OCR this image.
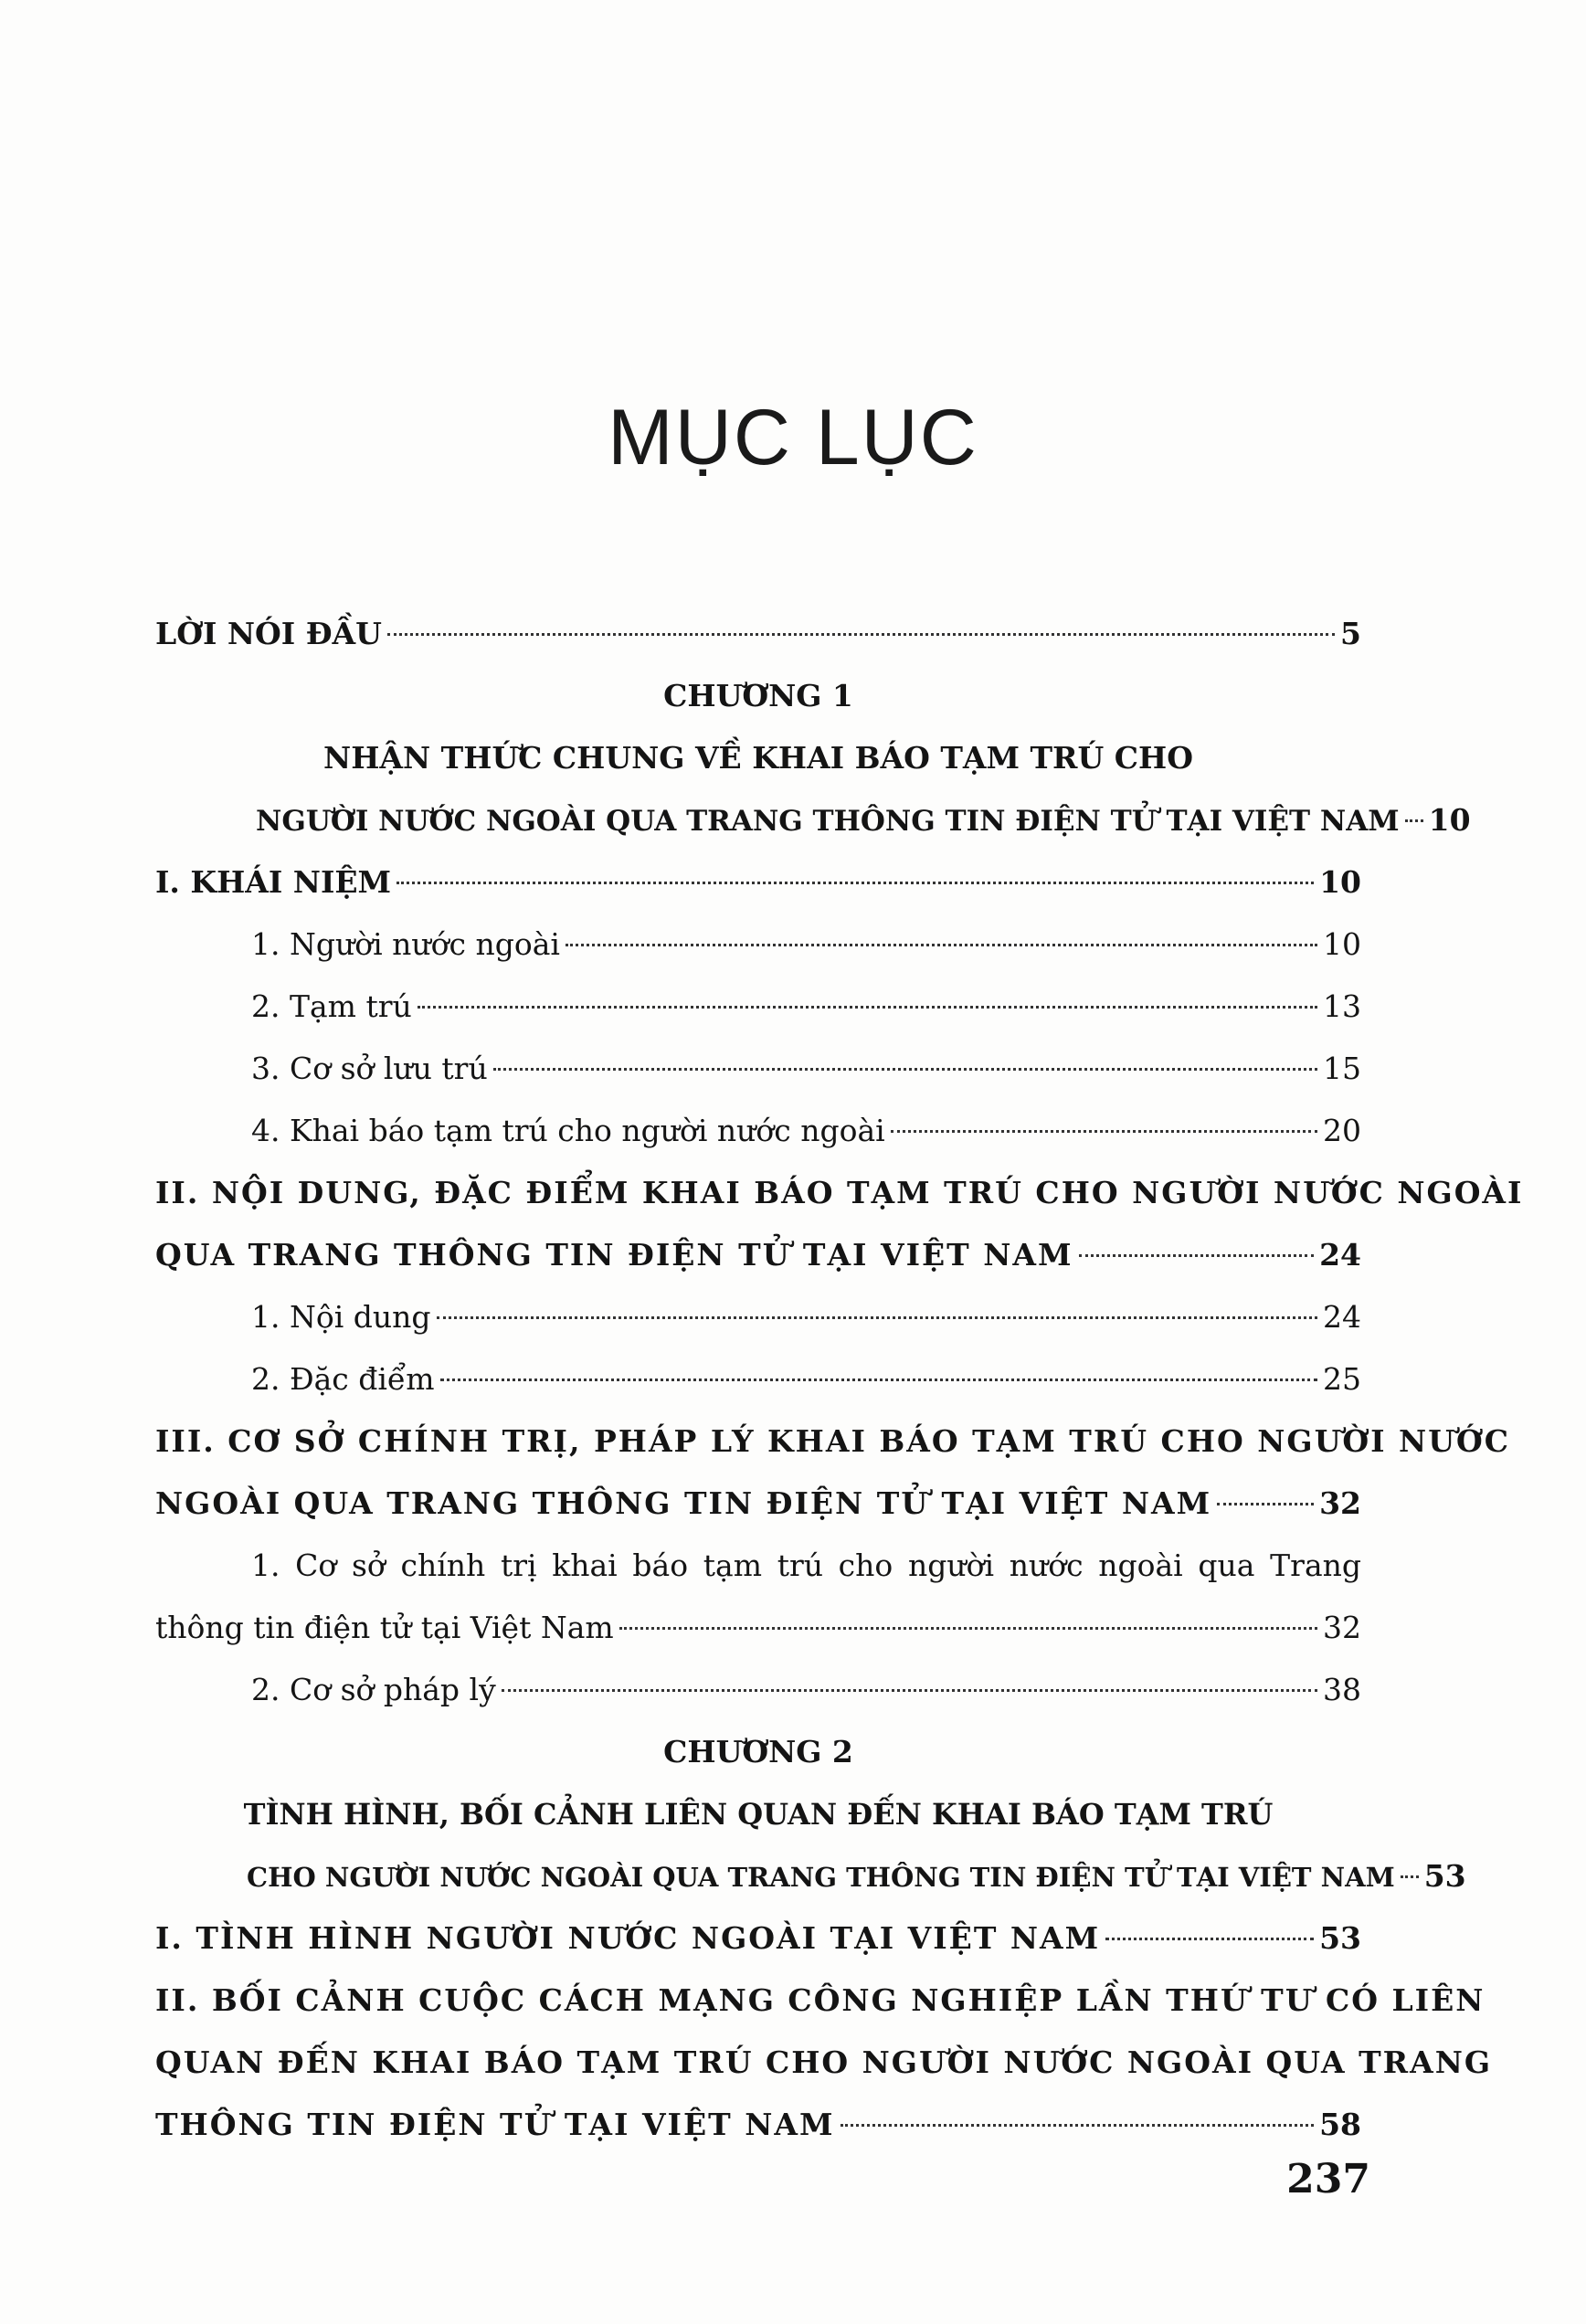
MỤC LỤC
LỜI NÓI ĐẦU	5
CHƯƠNG 1
NHẬN THỨC CHUNG VỀ KHAI BÁO TẠM TRÚ CHO
NGƯỜI NƯỚC NGOÀI QUA TRANG THÔNG TIN ĐIỆN TỬ TẠI VIỆT NAM 10
I. KHÁI NIỆM	10
1. Người nước ngoài	10
2. Tạm trú	13
3. Cơ sở lưu trú	15
4. Khai báo tạm trú cho người nước ngoài	20
II. NỘI DUNG, ĐẶC ĐIỂM KHAI BÁO TẠM TRÚ CHO NGƯỜI NƯỚC NGOÀI
QUA TRANG THÔNG TIN ĐIỆN TỬ TẠI VIỆT NAM	24
1. Nội dung	24
2. Đặc điểm	25
III. CƠ SỞ CHÍNH TRỊ, PHÁP LÝ KHAI BÁO TẠM TRÚ CHO NGƯỜI NƯỚC
NGOÀI QUA TRANG THÔNG TIN ĐIỆN TỬ TẠI VIỆT NAM	32
1. Cơ sở chính trị khai báo tạm trú cho người nước ngoài qua Trang
thông tin điện tử tại Việt Nam	32
2. Cơ sở pháp lý	38
CHƯƠNG 2
TÌNH HÌNH, BỐI CẢNH LIÊN QUAN ĐẾN KHAI BÁO TẠM TRÚ
CHO NGƯỜI NƯỚC NGOÀI QUA TRANG THÔNG TIN ĐIỆN TỬ TẠI VIỆT NAM 53
I. TÌNH HÌNH NGƯỜI NƯỚC NGOÀI TẠI VIỆT NAM	53
II. BỐI CẢNH CUỘC CÁCH MẠNG CÔNG NGHIỆP LẦN THỨ TƯ CÓ LIÊN
QUAN ĐẾN KHAI BÁO TẠM TRÚ CHO NGƯỜI NƯỚC NGOÀI QUA TRANG
THÔNG TIN ĐIỆN TỬ TẠI VIỆT NAM	58
237
